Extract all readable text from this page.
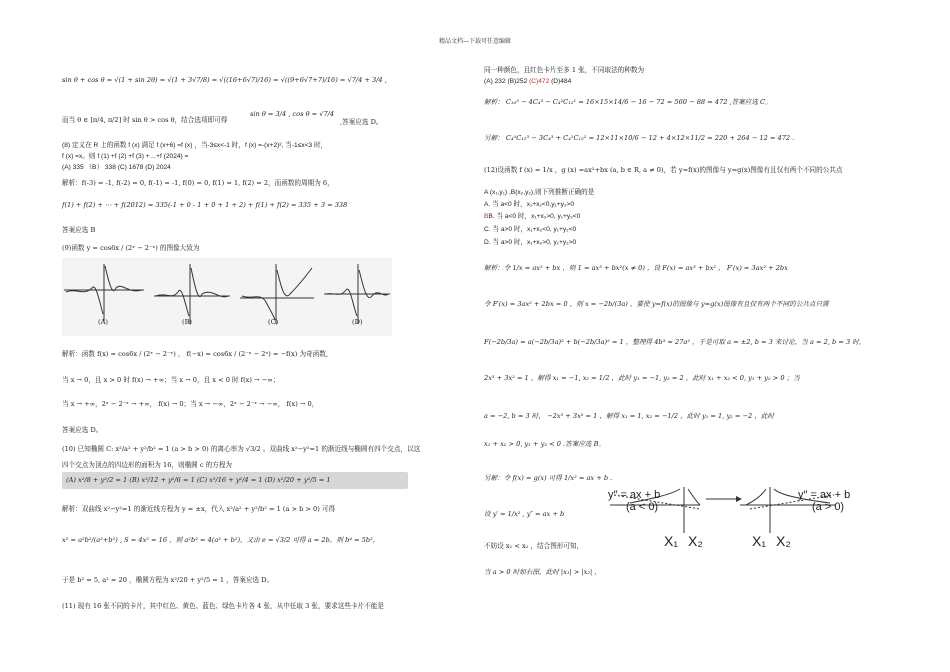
精品文档—下载可任意编辑
sin θ + cos θ = √(1 + sin 2θ) = √(1 + 3√7/8) = √((16+6√7)/16) = √((9+6√7+7)/16) = √7/4 + 3/4 ,
而当 θ ∈ [π/4, π/2] 时 sin θ > cos θ，结合选项即可得
sin θ = 3/4 , cos θ = √7/4
,答案应选 D。
(8) 定义在 R 上的函数 f (x) 满足 f (x+6) =f (x) ，当-3≤x<-1 时，f (x) =-(x+2)², 当-1≤x<3 时，
f (x) =x。则 f (1) +f (2) +f (3) +…+f (2024) =
(A) 335 （B） 338 (C) 1678 (D) 2024
解析：f(-3) = -1, f(-2) = 0, f(-1) = -1, f(0) = 0, f(1) = 1, f(2) = 2，而函数的周期为 6，
f(1) + f(2) + ⋯ + f(2012) = 335(-1 + 0 - 1 + 0 + 1 + 2) + f(1) + f(2) = 335 + 3 = 338
答案应选 B
(9)函数 y = cos6x / (2ˣ − 2⁻ˣ) 的图像大致为
(A)	(B)	(C)	(D)
解析：函数 f(x) = cos6x / (2ˣ − 2⁻ˣ) ， f(−x) = cos6x / (2⁻ˣ − 2ˣ) = −f(x) 为奇函数,
当 x → 0，且 x > 0 时 f(x) → +∞；当 x → 0，且 x < 0 时 f(x) → −∞；
当 x → +∞，2ˣ − 2⁻ˣ → +∞， f(x) → 0；当 x → −∞，2ˣ − 2⁻ˣ → −∞， f(x) → 0，
答案应选 D。
(10) 已知椭圆 C: x²/a² + y²/b² = 1 (a > b > 0) 的离心率为 √3/2 。双曲线 x²−y²=1 的渐近线与椭圆有四个交点，以这
四个交点为顶点的四边形的面积为 16，则椭圆 c 的方程为
(A) x²/8 + y²/2 = 1 (B) x²/12 + y²/6 = 1 (C) x²/16 + y²/4 = 1 (D) x²/20 + y²/5 = 1
解析：双曲线 x²−y²=1 的渐近线方程为 y = ±x，代入 x²/a² + y²/b² = 1 (a > b > 0) 可得
x² = a²b²/(a²+b²) , S = 4x² = 16 ，则 a²b² = 4(a² + b²)，又由 e = √3/2 可得 a = 2b，则 b⁴ = 5b²，
于是 b² = 5, a² = 20 ，椭圆方程为 x²/20 + y²/5 = 1 ，答案应选 D。
(11) 现有 16 张不同的卡片，其中红色、黄色、蓝色、绿色卡片各 4 张，从中任取 3 张，要求这些卡片不能是
同一种颜色，且红色卡片至多 1 张，不同取法的种数为
(A) 232 (B)252 (C)472 (D)484
解析： C₁₆³ − 4C₄³ − C₄²C₁₂¹ = 16×15×14/6 − 16 − 72 = 560 − 88 = 472 ,答案应选 C。
另解： C₄⁰C₁₂³ − 3C₄³ + C₄¹C₁₂² = 12×11×10/6 − 12 + 4×12×11/2 = 220 + 264 − 12 = 472 .
(12)设函数 f (x) = 1/x ，g (x) =ax²+bx (a, b ∈ R, a ≠ 0)，若 y=f(x)的图像与 y=g(x)图像有且仅有两个不同的公共点
A (x₁,y₁) ,B(x₂,y₂),则下列推断正确的是
A. 当 a<0 时，x₁+x₂<0,y₁+y₂>0
BB. 当 a<0 时，x₁+x₂>0, y₁+y₂<0
C. 当 a>0 时，x₁+x₂<0, y₁+y₂<0
D. 当 a>0 时，x₁+x₂>0, y₁+y₂>0
解析：令 1/x = ax² + bx ，则 1 = ax³ + bx²(x ≠ 0) ，设 F(x) = ax³ + bx² ， F′(x) = 3ax² + 2bx
令 F′(x) = 3ax² + 2bx = 0 ，则 x = −2b/(3a) ，要使 y=f(x)的图像与 y=g(x)图像有且仅有两个不同的公共点只需
F(−2b/3a) = a(−2b/3a)³ + b(−2b/3a)² = 1 ，整理得 4b³ = 27a² ，于是可取 a = ±2, b = 3 来讨论，当 a = 2, b = 3 时，
2x³ + 3x² = 1 ，解得 x₁ = −1, x₂ = 1/2 ，此时 y₁ = −1, y₂ = 2 ，此时 x₁ + x₂ < 0, y₁ + y₂ > 0 ；当
a = −2, b = 3 时， −2x³ + 3x² = 1 ，解得 x₁ = 1, x₂ = −1/2 ，此时 y₁ = 1, y₂ = −2 ，此时
x₁ + x₂ > 0, y₁ + y₂ < 0 .答案应选 B。
另解：令 f(x) = g(x) 可得 1/x² = ax + b .
设 y′ = 1/x² , y″ = ax + b
不妨设 x₁ < x₂ ，结合图形可知，
当 a > 0 时如右图，此时 |x₁| > |x₂| ，
y″ = ax + b
(a < 0)
y″ = ax + b
(a > 0)
X₁ X₂	X₁ X₂
